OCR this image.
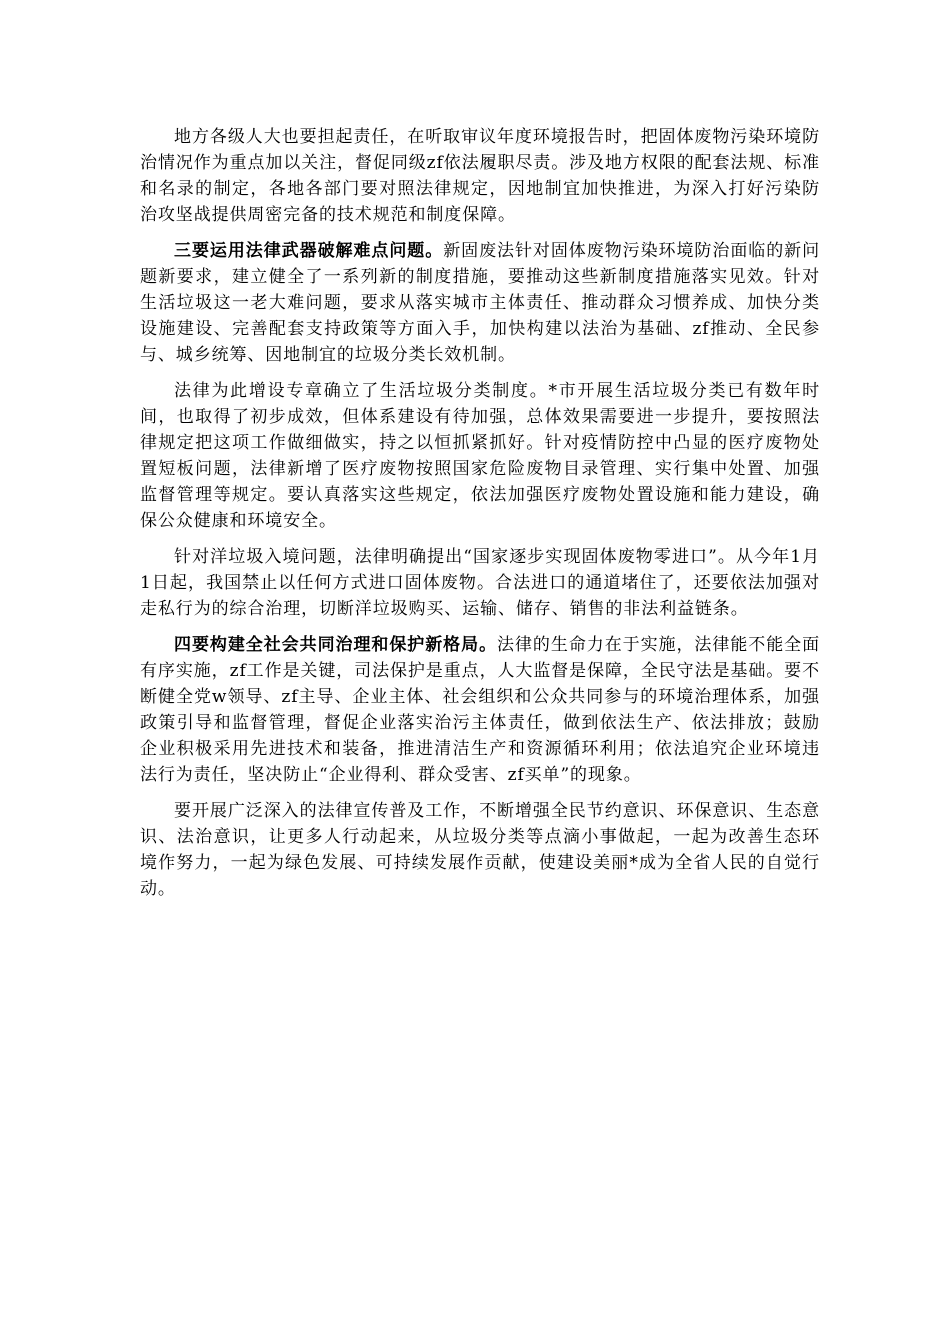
地方各级人大也要担起责任，在听取审议年度环境报告时，把固体废物污染环境防治情况作为重点加以关注，督促同级zf依法履职尽责。涉及地方权限的配套法规、标准和名录的制定，各地各部门要对照法律规定，因地制宜加快推进，为深入打好污染防治攻坚战提供周密完备的技术规范和制度保障。

三要运用法律武器破解难点问题。新固废法针对固体废物污染环境防治面临的新问题新要求，建立健全了一系列新的制度措施，要推动这些新制度措施落实见效。针对生活垃圾这一老大难问题，要求从落实城市主体责任、推动群众习惯养成、加快分类设施建设、完善配套支持政策等方面入手，加快构建以法治为基础、zf推动、全民参与、城乡统筹、因地制宜的垃圾分类长效机制。

法律为此增设专章确立了生活垃圾分类制度。*市开展生活垃圾分类已有数年时间，也取得了初步成效，但体系建设有待加强，总体效果需要进一步提升，要按照法律规定把这项工作做细做实，持之以恒抓紧抓好。针对疫情防控中凸显的医疗废物处置短板问题，法律新增了医疗废物按照国家危险废物目录管理、实行集中处置、加强监督管理等规定。要认真落实这些规定，依法加强医疗废物处置设施和能力建设，确保公众健康和环境安全。

针对洋垃圾入境问题，法律明确提出“国家逐步实现固体废物零进口”。从今年1月1日起，我国禁止以任何方式进口固体废物。合法进口的通道堵住了，还要依法加强对走私行为的综合治理，切断洋垃圾购买、运输、储存、销售的非法利益链条。

四要构建全社会共同治理和保护新格局。法律的生命力在于实施，法律能不能全面有序实施，zf工作是关键，司法保护是重点，人大监督是保障，全民守法是基础。要不断健全党w领导、zf主导、企业主体、社会组织和公众共同参与的环境治理体系，加强政策引导和监督管理，督促企业落实治污主体责任，做到依法生产、依法排放；鼓励企业积极采用先进技术和装备，推进清洁生产和资源循环利用；依法追究企业环境违法行为责任，坚决防止“企业得利、群众受害、zf买单”的现象。

要开展广泛深入的法律宣传普及工作，不断增强全民节约意识、环保意识、生态意识、法治意识，让更多人行动起来，从垃圾分类等点滴小事做起，一起为改善生态环境作努力，一起为绿色发展、可持续发展作贡献，使建设美丽*成为全省人民的自觉行动。
